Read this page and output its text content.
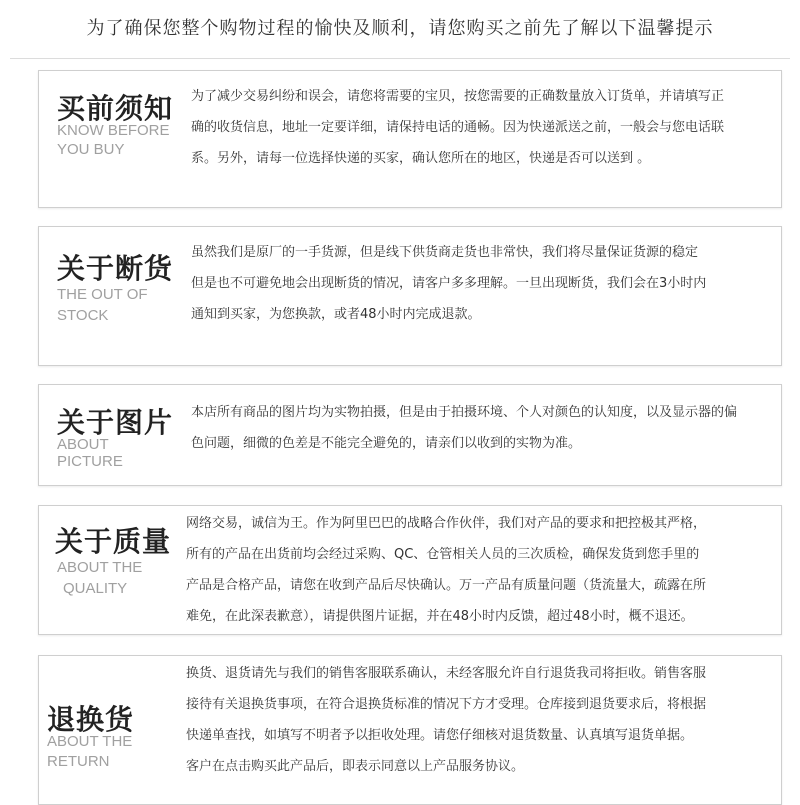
为了确保您整个购物过程的愉快及顺利，请您购买之前先了解以下温馨提示
买前须知
KNOW BEFORE
YOU BUY

为了减少交易纠纷和误会，请您将需要的宝贝，按您需要的正确数量放入订货单，并请填写正

确的收货信息，地址一定要详细，请保持电话的通畅。因为快递派送之前，一般会与您电话联

系。另外，请每一位选择快递的买家，确认您所在的地区，快递是否可以送到 。

关于断货
THE OUT OF
STOCK

虽然我们是原厂的一手货源，但是线下供货商走货也非常快，我们将尽量保证货源的稳定

但是也不可避免地会出现断货的情况，请客户多多理解。一旦出现断货，我们会在3小时内

通知到买家，为您换款，或者48小时内完成退款。

关于图片
ABOUT
PICTURE

本店所有商品的图片均为实物拍摄，但是由于拍摄环境、个人对颜色的认知度，以及显示器的偏

色问题，细微的色差是不能完全避免的，请亲们以收到的实物为准。

关于质量
ABOUT THE
QUALITY

网络交易，诚信为王。作为阿里巴巴的战略合作伙伴，我们对产品的要求和把控极其严格，

所有的产品在出货前均会经过采购、QC、仓管相关人员的三次质检，确保发货到您手里的

产品是合格产品，请您在收到产品后尽快确认。万一产品有质量问题（货流量大，疏露在所

难免，在此深表歉意），请提供图片证据，并在48小时内反馈，超过48小时，概不退还。

退换货
ABOUT THE
RETURN

换货、退货请先与我们的销售客服联系确认，未经客服允许自行退货我司将拒收。销售客服

接待有关退换货事项，在符合退换货标准的情况下方才受理。仓库接到退货要求后，将根据

快递单查找，如填写不明者予以拒收处理。请您仔细核对退货数量、认真填写退货单据。

客户在点击购买此产品后，即表示同意以上产品服务协议。
